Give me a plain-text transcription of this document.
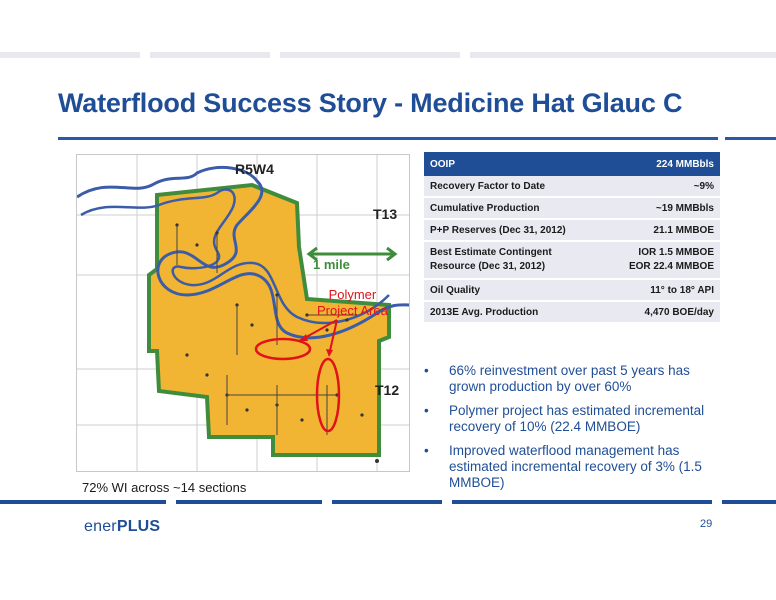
Waterflood Success Story - Medicine Hat Glauc C
R5W4
T13
T12
1 mile
Polymer
Project Area
72% WI across ~14 sections
OOIP	224 MMBbls
Recovery Factor to Date	~9%
Cumulative Production	~19 MMBbls
P+P Reserves (Dec 31, 2012)	21.1 MMBOE
Best Estimate Contingent
Resource (Dec 31, 2012)	IOR 1.5 MMBOE
EOR 22.4 MMBOE
Oil Quality	11° to 18° API
2013E Avg. Production	4,470 BOE/day
• 66% reinvestment over past 5 years has grown production by over 60%
• Polymer project has estimated incremental recovery of 10% (22.4 MMBOE)
• Improved waterflood management has estimated incremental recovery of 3% (1.5 MMBOE)
enerPLUS	29
